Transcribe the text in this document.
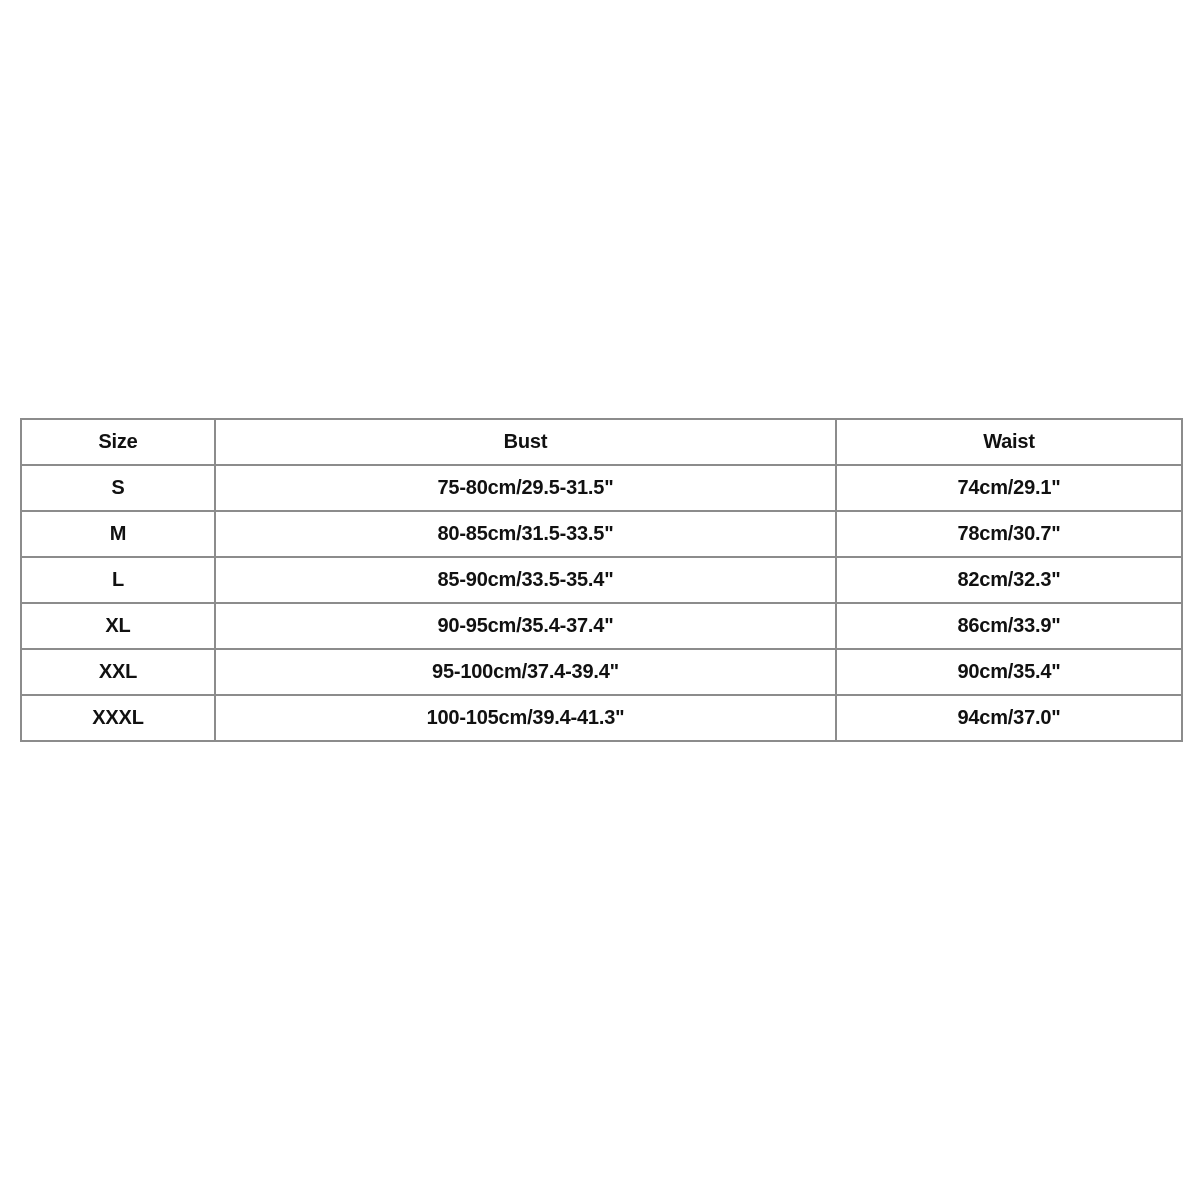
Size	Bust	Waist
S	75-80cm/29.5-31.5"	74cm/29.1"
M	80-85cm/31.5-33.5"	78cm/30.7"
L	85-90cm/33.5-35.4"	82cm/32.3"
XL	90-95cm/35.4-37.4"	86cm/33.9"
XXL	95-100cm/37.4-39.4"	90cm/35.4"
XXXL	100-105cm/39.4-41.3"	94cm/37.0"
